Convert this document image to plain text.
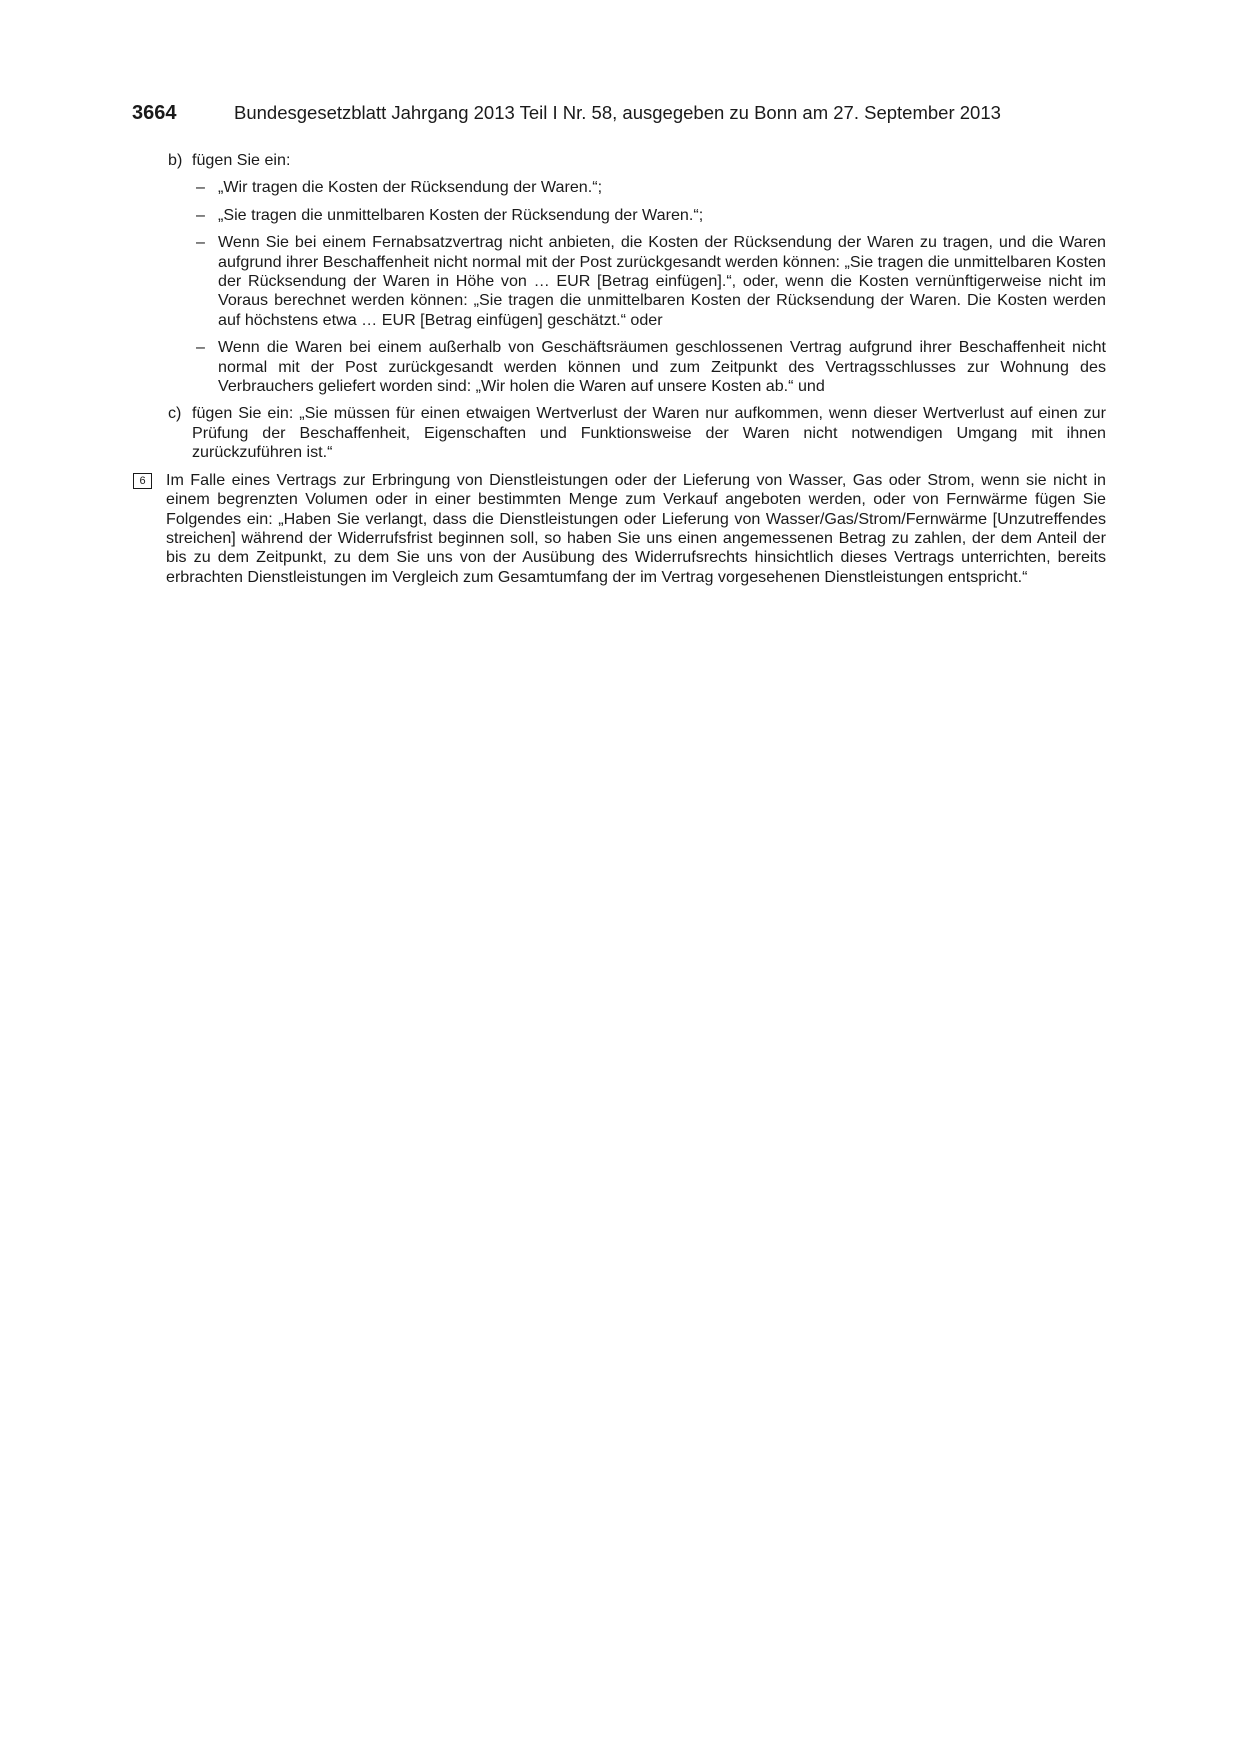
3664	Bundesgesetzblatt Jahrgang 2013 Teil I Nr. 58, ausgegeben zu Bonn am 27. September 2013
b) fügen Sie ein:

– „Wir tragen die Kosten der Rücksendung der Waren.“;

– „Sie tragen die unmittelbaren Kosten der Rücksendung der Waren.“;

– Wenn Sie bei einem Fernabsatzvertrag nicht anbieten, die Kosten der Rücksendung der Waren zu tragen, und die Waren aufgrund ihrer Beschaffenheit nicht normal mit der Post zurückgesandt werden können: „Sie tragen die unmittelbaren Kosten der Rücksendung der Waren in Höhe von … EUR [Betrag einfügen].“, oder, wenn die Kosten vernünftigerweise nicht im Voraus berechnet werden können: „Sie tragen die unmittelbaren Kosten der Rücksendung der Waren. Die Kosten werden auf höchstens etwa … EUR [Betrag einfügen] geschätzt.“ oder

– Wenn die Waren bei einem außerhalb von Geschäftsräumen geschlossenen Vertrag aufgrund ihrer Beschaffenheit nicht normal mit der Post zurückgesandt werden können und zum Zeitpunkt des Vertragsschlusses zur Wohnung des Verbrauchers geliefert worden sind: „Wir holen die Waren auf unsere Kosten ab.“ und

c) fügen Sie ein: „Sie müssen für einen etwaigen Wertverlust der Waren nur aufkommen, wenn dieser Wertverlust auf einen zur Prüfung der Beschaffenheit, Eigenschaften und Funktionsweise der Waren nicht notwendigen Umgang mit ihnen zurückzuführen ist.“

6	Im Falle eines Vertrags zur Erbringung von Dienstleistungen oder der Lieferung von Wasser, Gas oder Strom, wenn sie nicht in einem begrenzten Volumen oder in einer bestimmten Menge zum Verkauf angeboten werden, oder von Fernwärme fügen Sie Folgendes ein: „Haben Sie verlangt, dass die Dienstleistungen oder Lieferung von Wasser/Gas/Strom/Fernwärme [Unzutreffendes streichen] während der Widerrufsfrist beginnen soll, so haben Sie uns einen angemessenen Betrag zu zahlen, der dem Anteil der bis zu dem Zeitpunkt, zu dem Sie uns von der Ausübung des Widerrufsrechts hinsichtlich dieses Vertrags unterrichten, bereits erbrachten Dienstleistungen im Vergleich zum Gesamtumfang der im Vertrag vorgesehenen Dienstleistungen entspricht.“
